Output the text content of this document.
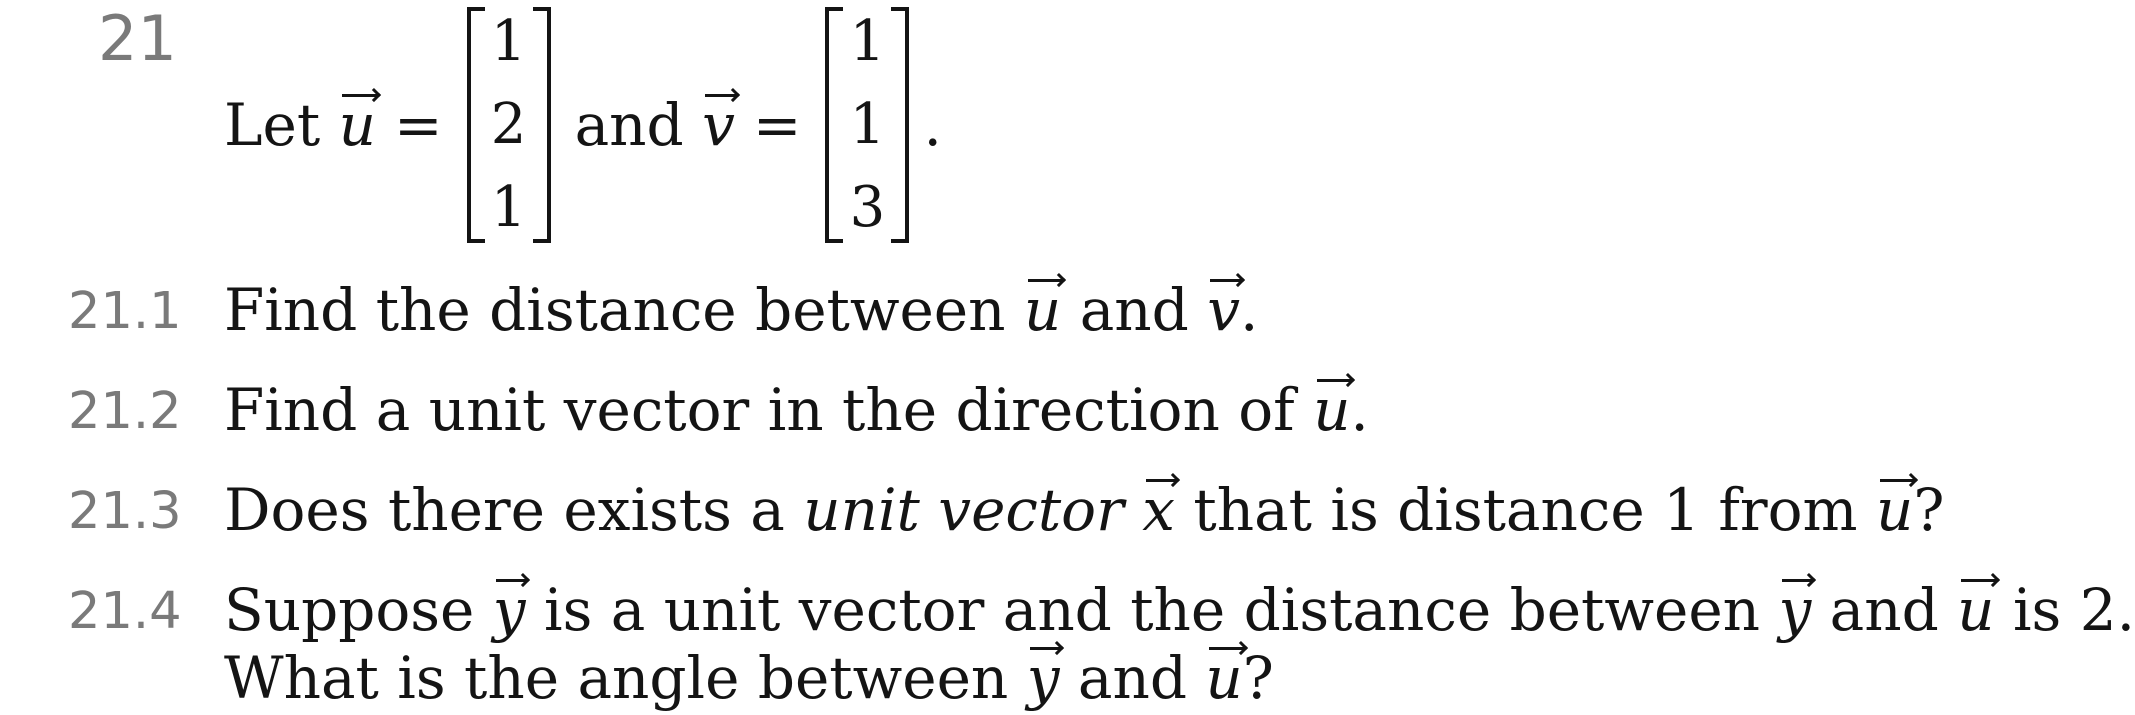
21
Let
u =
1
2
1
and
v =
1
1
3
.
21.1 Find the distance between u and v.
21.2 Find a unit vector in the direction of u.
21.3 Does there exists a unit vector x that is distance 1 from u?
21.4 Suppose y is a unit vector and the distance between y and u is 2.
What is the angle between y and u?
